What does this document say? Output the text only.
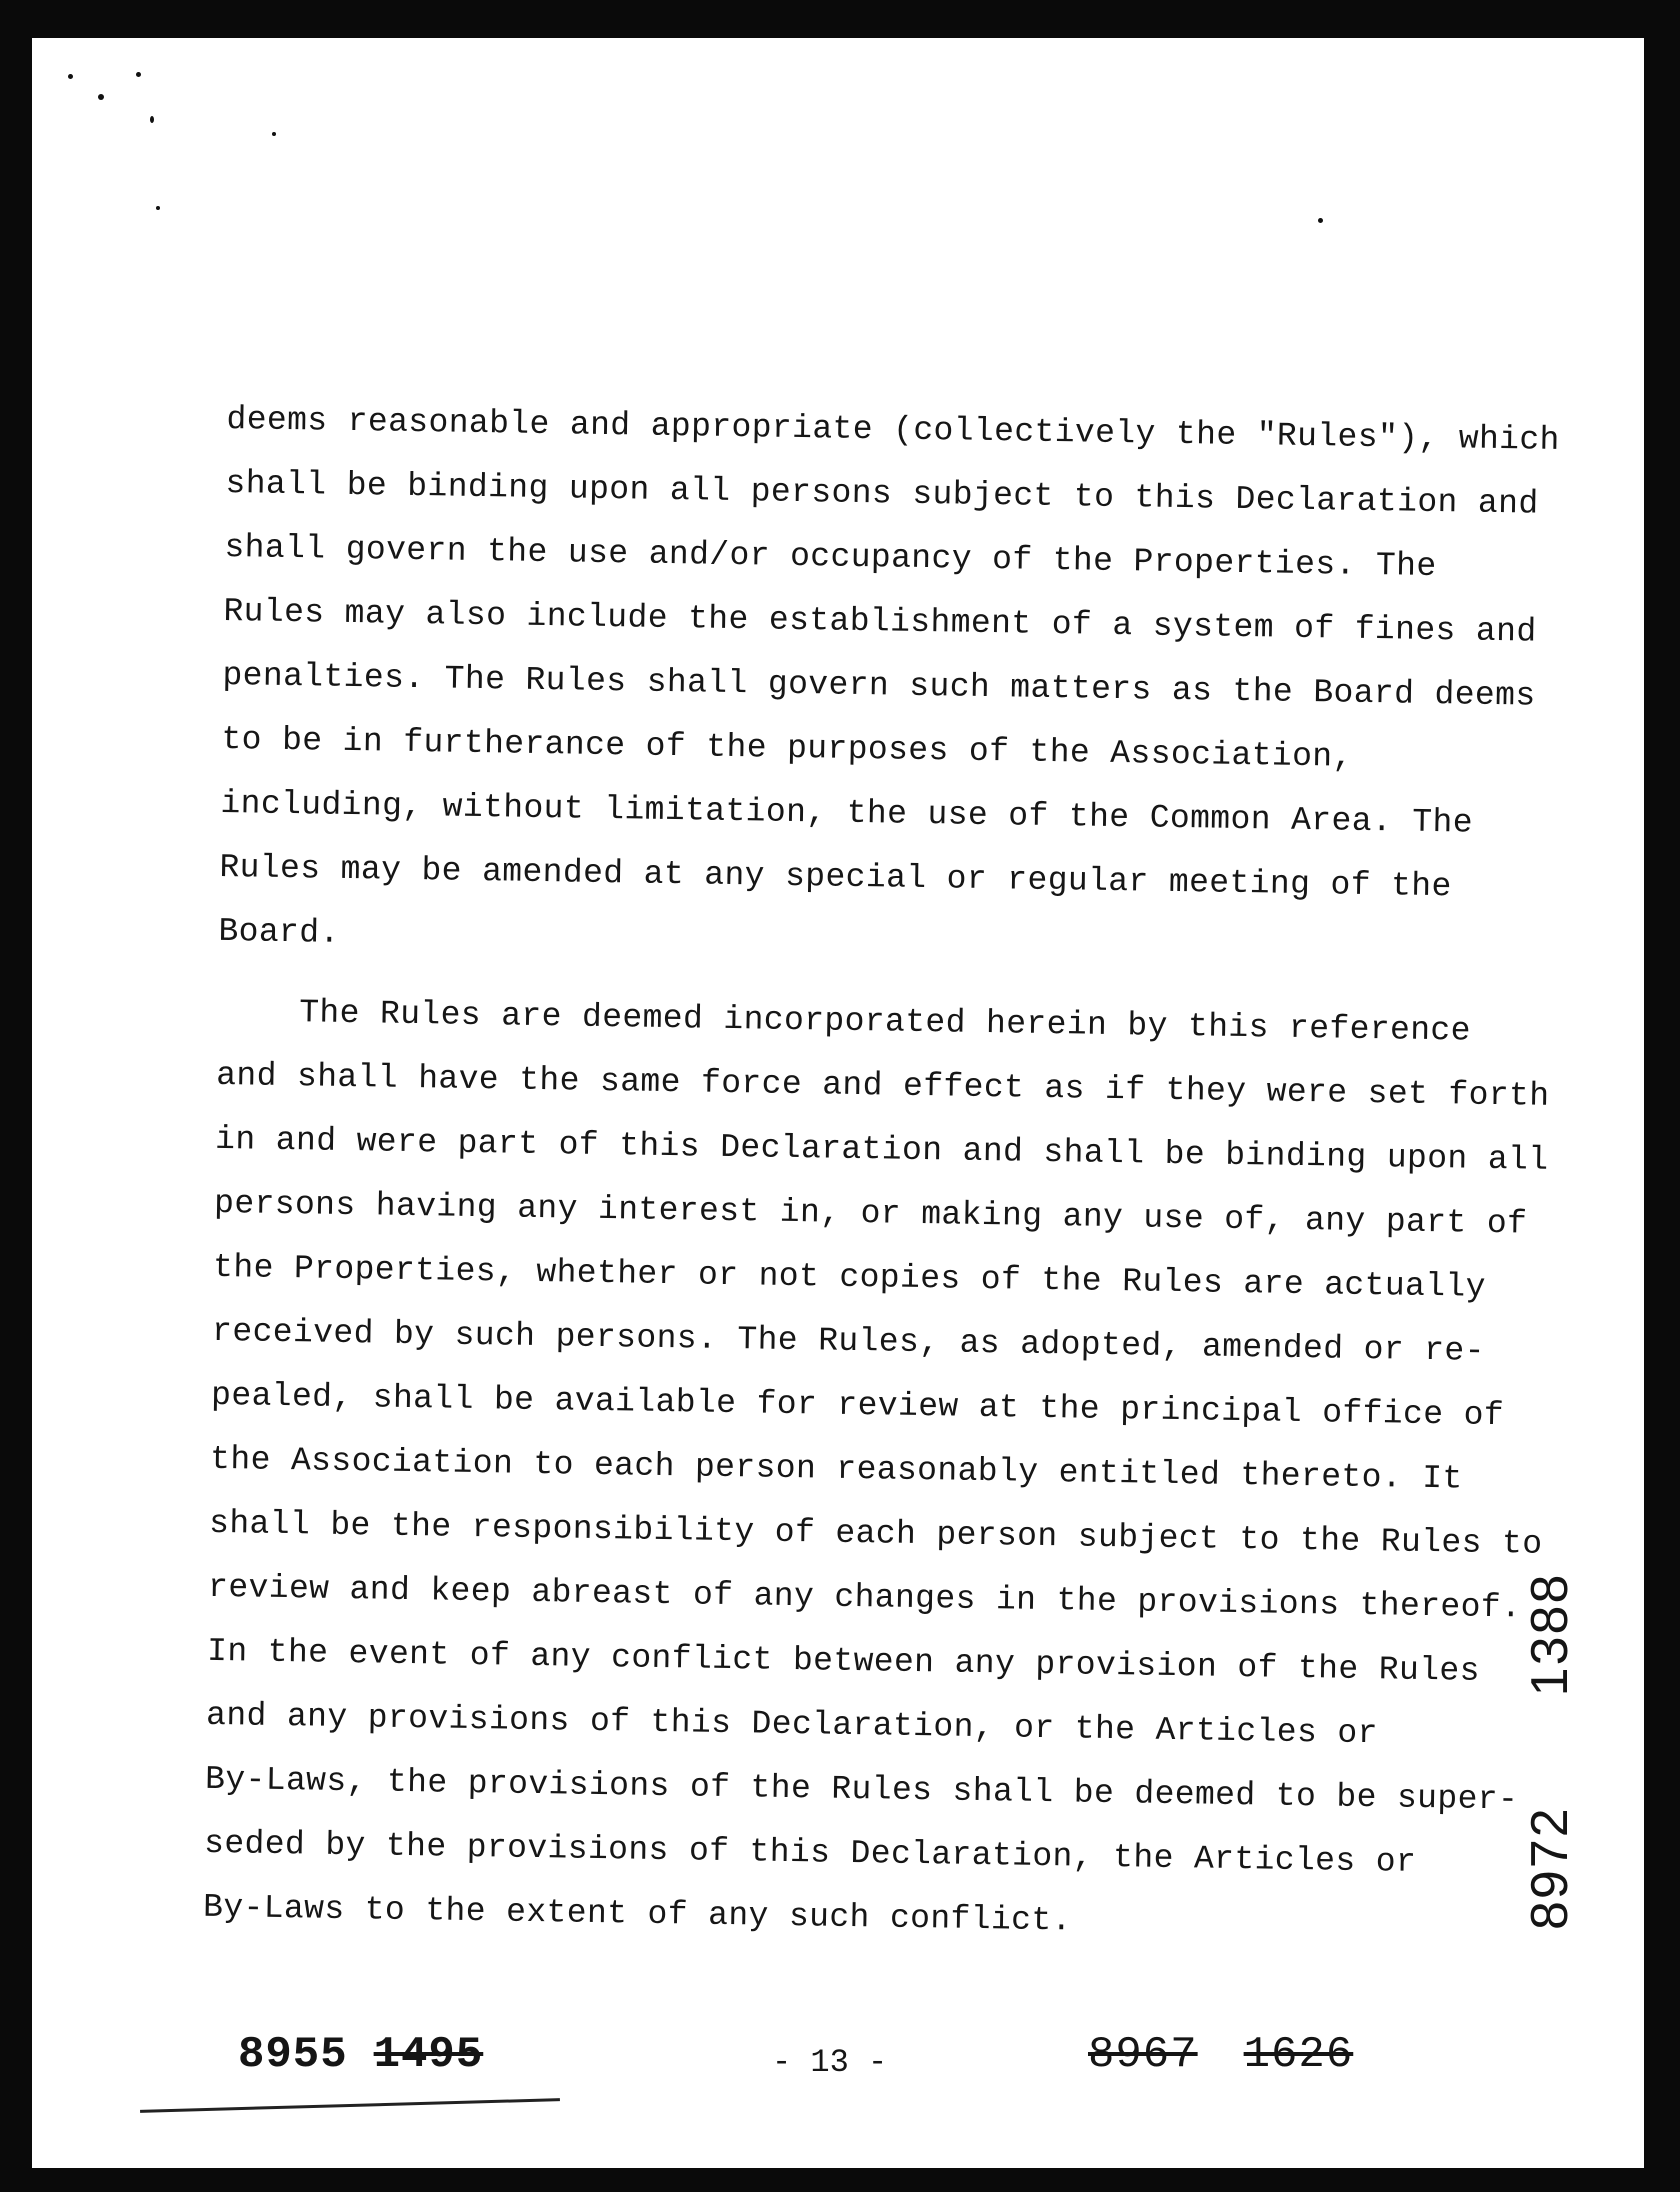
deems reasonable and appropriate (collectively the "Rules"), which
shall be binding upon all persons subject to this Declaration and
shall govern the use and/or occupancy of the Properties. The
Rules may also include the establishment of a system of fines and
penalties. The Rules shall govern such matters as the Board deems
to be in furtherance of the purposes of the Association,
including, without limitation, the use of the Common Area. The
Rules may be amended at any special or regular meeting of the
Board.
The Rules are deemed incorporated herein by this reference
and shall have the same force and effect as if they were set forth
in and were part of this Declaration and shall be binding upon all
persons having any interest in, or making any use of, any part of
the Properties, whether or not copies of the Rules are actually
received by such persons. The Rules, as adopted, amended or re-
pealed, shall be available for review at the principal office of
the Association to each person reasonably entitled thereto. It
shall be the responsibility of each person subject to the Rules to
review and keep abreast of any changes in the provisions thereof.
In the event of any conflict between any provision of the Rules
and any provisions of this Declaration, or the Articles or
By-Laws, the provisions of the Rules shall be deemed to be super-
seded by the provisions of this Declaration, the Articles or
By-Laws to the extent of any such conflict.
8955 1495	- 13 -	8967 1626
89721388
